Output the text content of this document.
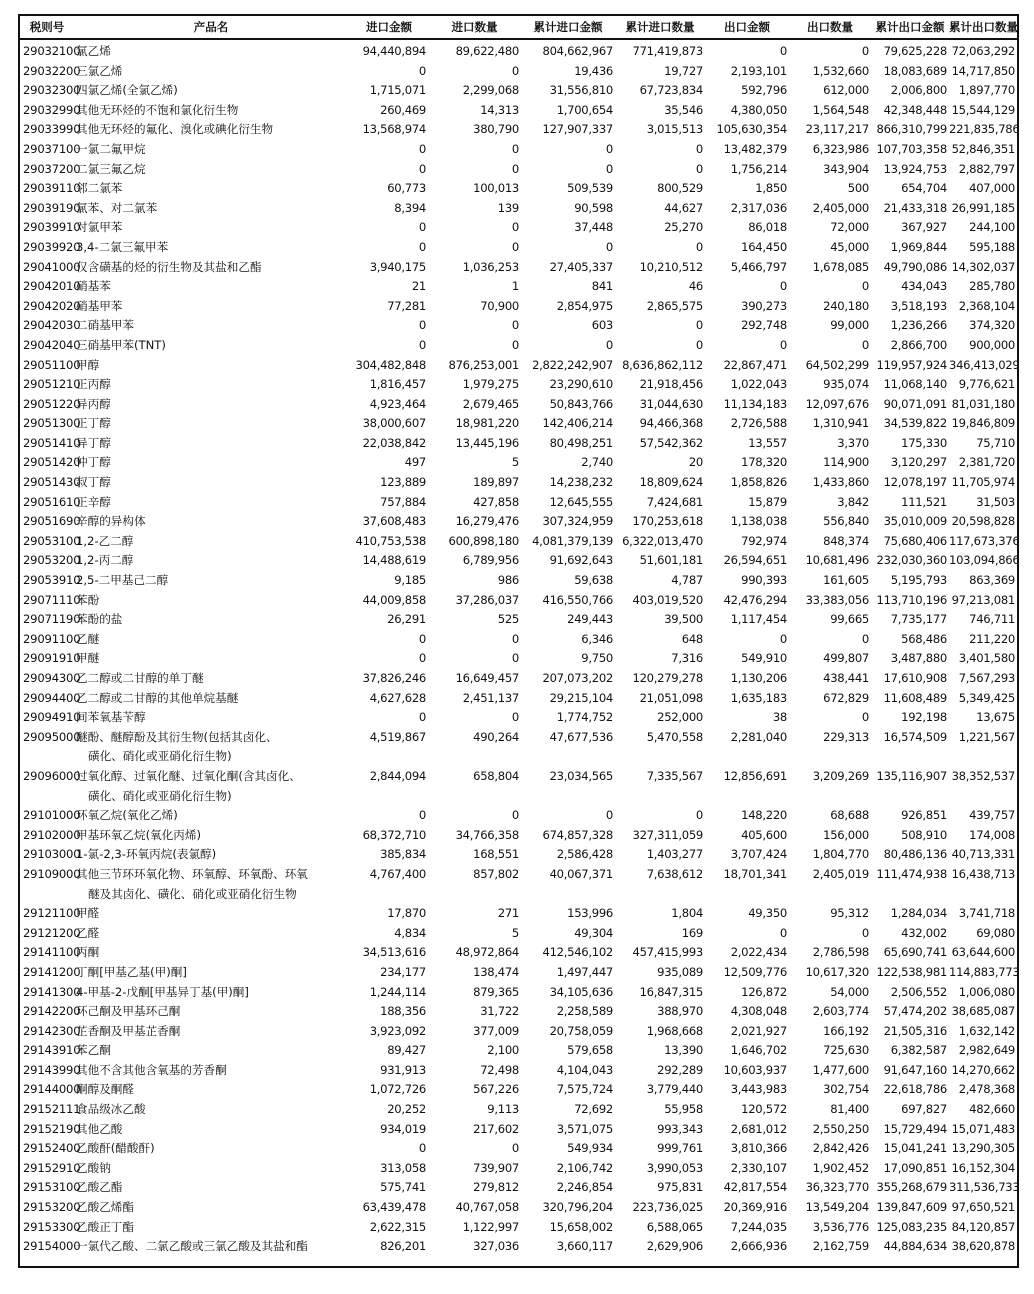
税则号	产品名	进口金额	进口数量	累计进口金额	累计进口数量	出口金额	出口数量	累计出口金额	累计出口数量
29032100	氯乙烯	94,440,894	89,622,480	804,662,967	771,419,873	0	0	79,625,228	72,063,292
29032200	三氯乙烯	0	0	19,436	19,727	2,193,101	1,532,660	18,083,689	14,717,850
29032300	四氯乙烯(全氯乙烯)	1,715,071	2,299,068	31,556,810	67,723,834	592,796	612,000	2,006,800	1,897,770
29032990	其他无环烃的不饱和氯化衍生物	260,469	14,313	1,700,654	35,546	4,380,050	1,564,548	42,348,448	15,544,129
29033990	其他无环烃的氟化、溴化或碘化衍生物	13,568,974	380,790	127,907,337	3,015,513	105,630,354	23,117,217	866,310,799	221,835,786
29037100	一氯二氟甲烷	0	0	0	0	13,482,379	6,323,986	107,703,358	52,846,351
29037200	二氯三氟乙烷	0	0	0	0	1,756,214	343,904	13,924,753	2,882,797
29039110	邻二氯苯	60,773	100,013	509,539	800,529	1,850	500	654,704	407,000
29039190	氯苯、对二氯苯	8,394	139	90,598	44,627	2,317,036	2,405,000	21,433,318	26,991,185
29039910	对氯甲苯	0	0	37,448	25,270	86,018	72,000	367,927	244,100
29039920	3,4-二氯三氟甲苯	0	0	0	0	164,450	45,000	1,969,844	595,188
29041000	仅含磺基的烃的衍生物及其盐和乙酯	3,940,175	1,036,253	27,405,337	10,210,512	5,466,797	1,678,085	49,790,086	14,302,037
29042010	硝基苯	21	1	841	46	0	0	434,043	285,780
29042020	硝基甲苯	77,281	70,900	2,854,975	2,865,575	390,273	240,180	3,518,193	2,368,104
29042030	二硝基甲苯	0	0	603	0	292,748	99,000	1,236,266	374,320
29042040	三硝基甲苯(TNT)	0	0	0	0	0	0	2,866,700	900,000
29051100	甲醇	304,482,848	876,253,001	2,822,242,907	8,636,862,112	22,867,471	64,502,299	119,957,924	346,413,029
29051210	正丙醇	1,816,457	1,979,275	23,290,610	21,918,456	1,022,043	935,074	11,068,140	9,776,621
29051220	异丙醇	4,923,464	2,679,465	50,843,766	31,044,630	11,134,183	12,097,676	90,071,091	81,031,180
29051300	正丁醇	38,000,607	18,981,220	142,406,214	94,466,368	2,726,588	1,310,941	34,539,822	19,846,809
29051410	异丁醇	22,038,842	13,445,196	80,498,251	57,542,362	13,557	3,370	175,330	75,710
29051420	仲丁醇	497	5	2,740	20	178,320	114,900	3,120,297	2,381,720
29051430	叔丁醇	123,889	189,897	14,238,232	18,809,624	1,858,826	1,433,860	12,078,197	11,705,974
29051610	正辛醇	757,884	427,858	12,645,555	7,424,681	15,879	3,842	111,521	31,503
29051690	辛醇的异构体	37,608,483	16,279,476	307,324,959	170,253,618	1,138,038	556,840	35,010,009	20,598,828
29053100	1,2-乙二醇	410,753,538	600,898,180	4,081,379,139	6,322,013,470	792,974	848,374	75,680,406	117,673,376
29053200	1,2-丙二醇	14,488,619	6,789,956	91,692,643	51,601,181	26,594,651	10,681,496	232,030,360	103,094,866
29053910	2,5-二甲基己二醇	9,185	986	59,638	4,787	990,393	161,605	5,195,793	863,369
29071110	苯酚	44,009,858	37,286,037	416,550,766	403,019,520	42,476,294	33,383,056	113,710,196	97,213,081
29071190	苯酚的盐	26,291	525	249,443	39,500	1,117,454	99,665	7,735,177	746,711
29091100	乙醚	0	0	6,346	648	0	0	568,486	211,220
29091910	甲醚	0	0	9,750	7,316	549,910	499,807	3,487,880	3,401,580
29094300	乙二醇或二甘醇的单丁醚	37,826,246	16,649,457	207,073,202	120,279,278	1,130,206	438,441	17,610,908	7,567,293
29094400	乙二醇或二甘醇的其他单烷基醚	4,627,628	2,451,137	29,215,104	21,051,098	1,635,183	672,829	11,608,489	5,349,425
29094910	间苯氧基苄醇	0	0	1,774,752	252,000	38	0	192,198	13,675
29095000	醚酚、醚醇酚及其衍生物(包括其卤化、
磺化、硝化或亚硝化衍生物)	4,519,867	490,264	47,677,536	5,470,558	2,281,040	229,313	16,574,509	1,221,567
29096000	过氧化醇、过氧化醚、过氧化酮(含其卤化、
磺化、硝化或亚硝化衍生物)	2,844,094	658,804	23,034,565	7,335,567	12,856,691	3,209,269	135,116,907	38,352,537
29101000	环氧乙烷(氧化乙烯)	0	0	0	0	148,220	68,688	926,851	439,757
29102000	甲基环氧乙烷(氧化丙烯)	68,372,710	34,766,358	674,857,328	327,311,059	405,600	156,000	508,910	174,008
29103000	1-氯-2,3-环氧丙烷(表氯醇)	385,834	168,551	2,586,428	1,403,277	3,707,424	1,804,770	80,486,136	40,713,331
29109000	其他三节环环氧化物、环氧醇、环氧酚、环氧
醚及其卤化、磺化、硝化或亚硝化衍生物	4,767,400	857,802	40,067,371	7,638,612	18,701,341	2,405,019	111,474,938	16,438,713
29121100	甲醛	17,870	271	153,996	1,804	49,350	95,312	1,284,034	3,741,718
29121200	乙醛	4,834	5	49,304	169	0	0	432,002	69,080
29141100	丙酮	34,513,616	48,972,864	412,546,102	457,415,993	2,022,434	2,786,598	65,690,741	63,644,600
29141200	丁酮[甲基乙基(甲)酮]	234,177	138,474	1,497,447	935,089	12,509,776	10,617,320	122,538,981	114,883,773
29141300	4-甲基-2-戊酮[甲基异丁基(甲)酮]	1,244,114	879,365	34,105,636	16,847,315	126,872	54,000	2,506,552	1,006,080
29142200	环己酮及甲基环己酮	188,356	31,722	2,258,589	388,970	4,308,048	2,603,774	57,474,202	38,685,087
29142300	芷香酮及甲基芷香酮	3,923,092	377,009	20,758,059	1,968,668	2,021,927	166,192	21,505,316	1,632,142
29143910	苯乙酮	89,427	2,100	579,658	13,390	1,646,702	725,630	6,382,587	2,982,649
29143990	其他不含其他含氧基的芳香酮	931,913	72,498	4,104,043	292,289	10,603,937	1,477,600	91,647,160	14,270,662
29144000	酮醇及酮醛	1,072,726	567,226	7,575,724	3,779,440	3,443,983	302,754	22,618,786	2,478,368
29152111	食品级冰乙酸	20,252	9,113	72,692	55,958	120,572	81,400	697,827	482,660
29152190	其他乙酸	934,019	217,602	3,571,075	993,343	2,681,012	2,550,250	15,729,494	15,071,483
29152400	乙酸酐(醋酸酐)	0	0	549,934	999,761	3,810,366	2,842,426	15,041,241	13,290,305
29152910	乙酸钠	313,058	739,907	2,106,742	3,990,053	2,330,107	1,902,452	17,090,851	16,152,304
29153100	乙酸乙酯	575,741	279,812	2,246,854	975,831	42,817,554	36,323,770	355,268,679	311,536,733
29153200	乙酸乙烯酯	63,439,478	40,767,058	320,796,204	223,736,025	20,369,916	13,549,204	139,847,609	97,650,521
29153300	乙酸正丁酯	2,622,315	1,122,997	15,658,002	6,588,065	7,244,035	3,536,776	125,083,235	84,120,857
29154000	一氯代乙酸、二氯乙酸或三氯乙酸及其盐和酯	826,201	327,036	3,660,117	2,629,906	2,666,936	2,162,759	44,884,634	38,620,878
